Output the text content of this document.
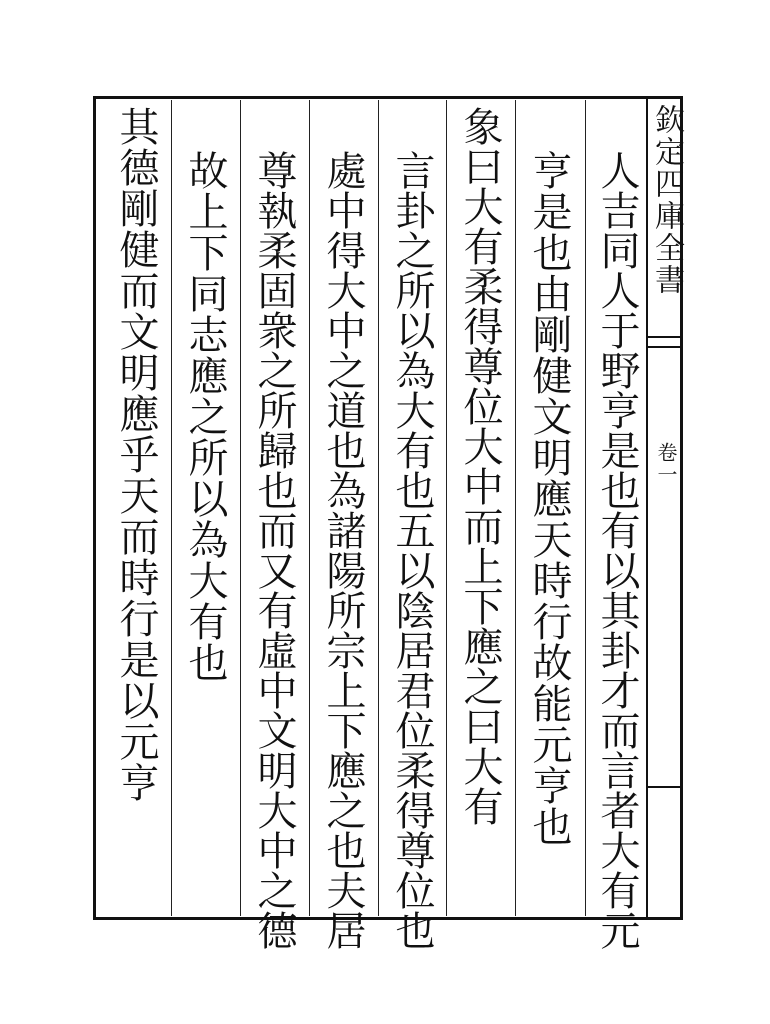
欽定四庫全書
卷一
人吉同人于野亨是也有以其卦才而言者大有元
亨是也由剛健文明應天時行故能元亨也
象曰大有柔得尊位大中而上下應之曰大有
言卦之所以為大有也五以陰居君位柔得尊位也
處中得大中之道也為諸陽所宗上下應之也夫居
尊執柔固衆之所歸也而又有虛中文明大中之德
故上下同志應之所以為大有也
其德剛健而文明應乎天而時行是以元亨
